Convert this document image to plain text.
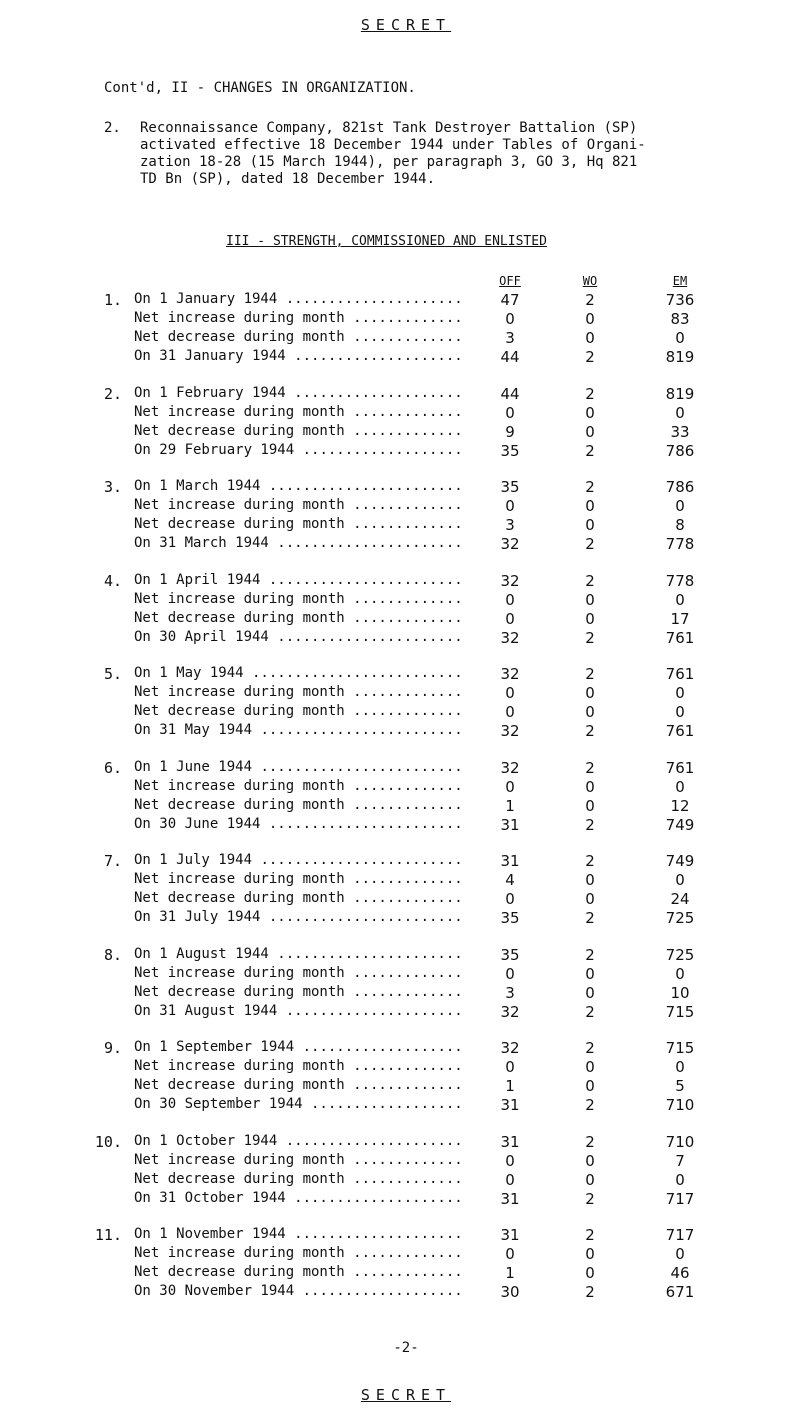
SECRET
Cont'd, II - CHANGES IN ORGANIZATION.
2. Reconnaissance Company, 821st Tank Destroyer Battalion (SP)
activated effective 18 December 1944 under Tables of Organi-
zation 18-28 (15 March 1944), per paragraph 3, GO 3, Hq 821
TD Bn (SP), dated 18 December 1944.
III - STRENGTH, COMMISSIONED AND ENLISTED
OFF	WO	EM
1. On 1 January 1944 .....	47	2	736
Net increase during month .....	0	0	83
Net decrease during month .....	3	0	0
On 31 January 1944 .....	44	2	819
2. On 1 February 1944 .....	44	2	819
Net increase during month .....	0	0	0
Net decrease during month .....	9	0	33
On 29 February 1944 .....	35	2	786
3. On 1 March 1944 .....	35	2	786
Net increase during month .....	0	0	0
Net decrease during month .....	3	0	8
On 31 March 1944 .....	32	2	778
4. On 1 April 1944 .....	32	2	778
Net increase during month .....	0	0	0
Net decrease during month .....	0	0	17
On 30 April 1944 .....	32	2	761
5. On 1 May 1944 .....	32	2	761
Net increase during month .....	0	0	0
Net decrease during month .....	0	0	0
On 31 May 1944 .....	32	2	761
6. On 1 June 1944 .....	32	2	761
Net increase during month .....	0	0	0
Net decrease during month .....	1	0	12
On 30 June 1944 .....	31	2	749
7. On 1 July 1944 .....	31	2	749
Net increase during month .....	4	0	0
Net decrease during month .....	0	0	24
On 31 July 1944 .....	35	2	725
8. On 1 August 1944 .....	35	2	725
Net increase during month .....	0	0	0
Net decrease during month .....	3	0	10
On 31 August 1944 .....	32	2	715
9. On 1 September 1944 .....	32	2	715
Net increase during month .....	0	0	0
Net decrease during month .....	1	0	5
On 30 September 1944 .....	31	2	710
10. On 1 October 1944 .....	31	2	710
Net increase during month .....	0	0	7
Net decrease during month .....	0	0	0
On 31 October 1944 .....	31	2	717
11. On 1 November 1944 .....	31	2	717
Net increase during month .....	0	0	0
Net decrease during month .....	1	0	46
On 30 November 1944 .....	30	2	671
-2-
SECRET
